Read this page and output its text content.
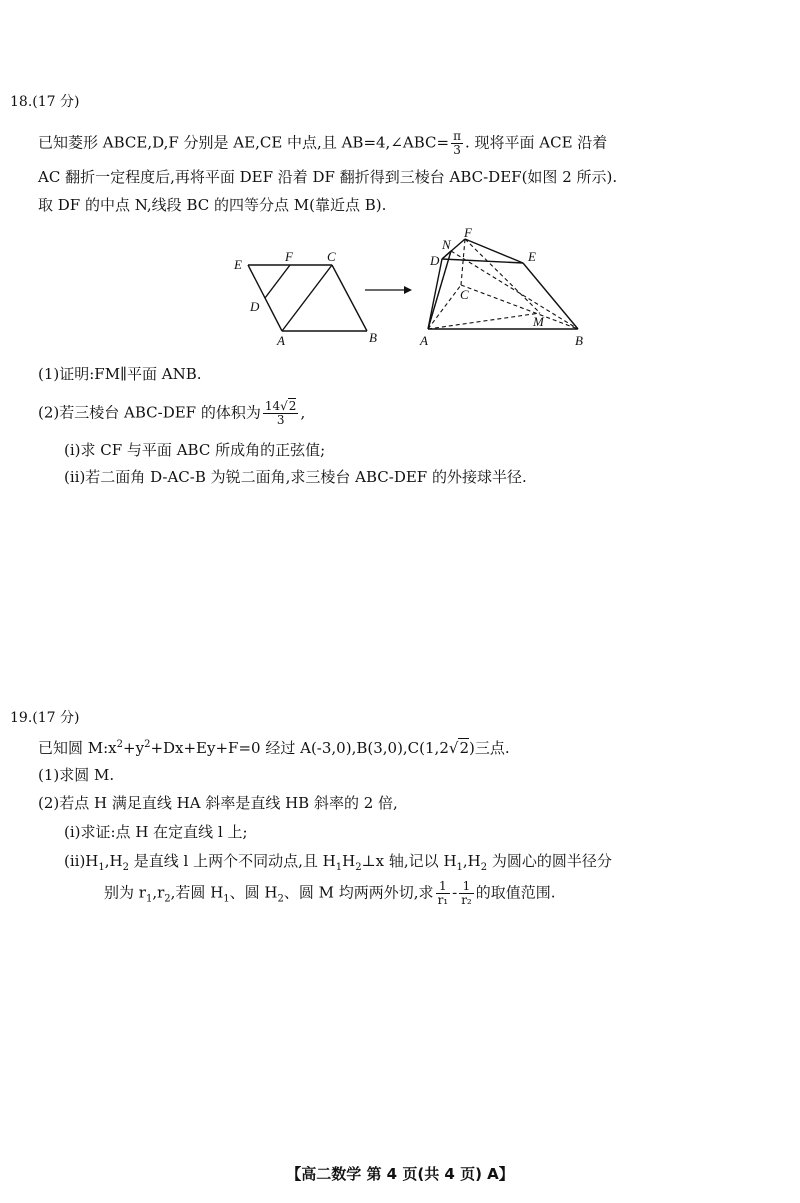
18.(17 分)
已知菱形 ABCE,D,F 分别是 AE,CE 中点,且 AB=4,∠ABC= $\frac{\pi}{3}$ . 现将平面 ACE 沿着
AC 翻折一定程度后,再将平面 DEF 沿着 DF 翻折得到三棱台 ABC-DEF(如图 2 所示).
取 DF 的中点 N,线段 BC 的四等分点 M(靠近点 B).
E
F	C
D
A	B
N
F
D	E
C
M
A	B
(1)证明:FM∥平面 ANB.
(2)若三棱台 ABC-DEF 的体积为 $\frac{14√2}{3}$ ,
(ⅰ)求 CF 与平面 ABC 所成角的正弦值;
(ⅱ)若二面角 D-AC-B 为锐二面角,求三棱台 ABC-DEF 的外接球半径.
19.(17 分)
已知圆 $M:x^2+y^2+Dx+Ey+F=0$ 经过 A(-3,0),B(3,0),C(1,2√2)三点.
(1)求圆 M.
(2)若点 H 满足直线 HA 斜率是直线 HB 斜率的 2 倍,
(ⅰ)求证:点 H 在定直线 l 上;
$(ⅱ)H_1,H_2$ 是直线 l 上两个不同动点,且 $H_1H_2\perp x$ 轴,记以 $H_1,H_2$ 为圆心的圆半径分
别为 $r_1,r_2$,若圆 $H_1$、圆 $H_2$、圆 M 均两两外切,求 $\frac{1}{\text{r₁}} - \frac{1}{\text{r₂}}$ 的取值范围.
【高二数学 第 4 页(共 4 页) A】
